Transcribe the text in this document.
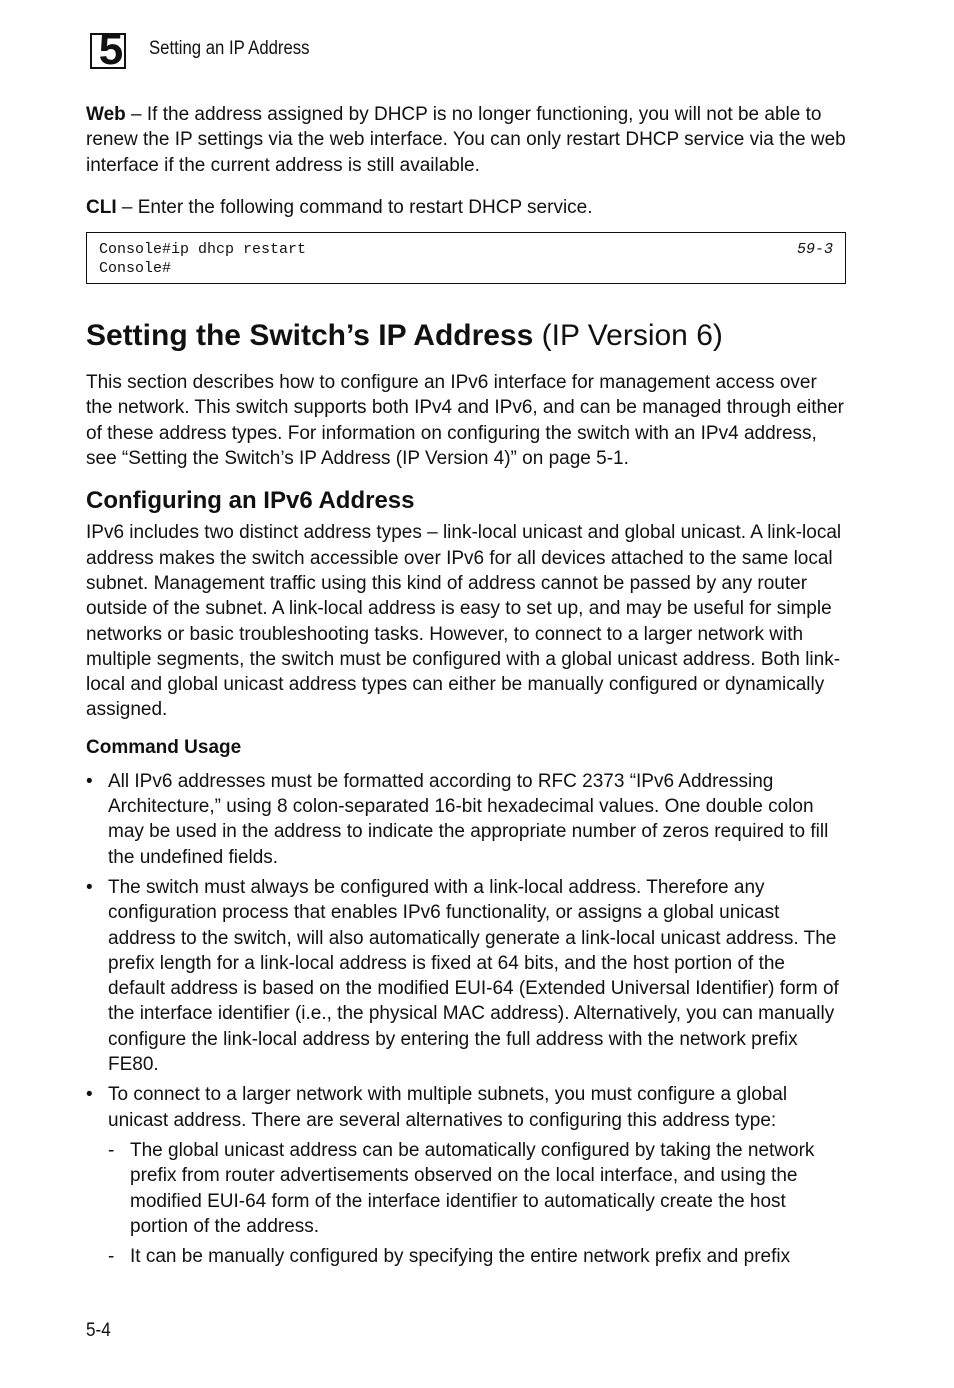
5	Setting an IP Address

Web – If the address assigned by DHCP is no longer functioning, you will not be able to renew the IP settings via the web interface. You can only restart DHCP service via the web interface if the current address is still available.

CLI – Enter the following command to restart DHCP service.

Console#ip dhcp restart	59-3
Console#
Setting the Switch’s IP Address (IP Version 6)

This section describes how to configure an IPv6 interface for management access over the network. This switch supports both IPv4 and IPv6, and can be managed through either of these address types. For information on configuring the switch with an IPv4 address, see “Setting the Switch’s IP Address (IP Version 4)” on page 5-1.

Configuring an IPv6 Address

IPv6 includes two distinct address types – link-local unicast and global unicast. A link-local address makes the switch accessible over IPv6 for all devices attached to the same local subnet. Management traffic using this kind of address cannot be passed by any router outside of the subnet. A link-local address is easy to set up, and may be useful for simple networks or basic troubleshooting tasks. However, to connect to a larger network with multiple segments, the switch must be configured with a global unicast address. Both link-local and global unicast address types can either be manually configured or dynamically assigned.

Command Usage
• All IPv6 addresses must be formatted according to RFC 2373 “IPv6 Addressing Architecture,” using 8 colon-separated 16-bit hexadecimal values. One double colon may be used in the address to indicate the appropriate number of zeros required to fill the undefined fields.
• The switch must always be configured with a link-local address. Therefore any configuration process that enables IPv6 functionality, or assigns a global unicast address to the switch, will also automatically generate a link-local unicast address. The prefix length for a link-local address is fixed at 64 bits, and the host portion of the default address is based on the modified EUI-64 (Extended Universal Identifier) form of the interface identifier (i.e., the physical MAC address). Alternatively, you can manually configure the link-local address by entering the full address with the network prefix FE80.
• To connect to a larger network with multiple subnets, you must configure a global unicast address. There are several alternatives to configuring this address type:
- The global unicast address can be automatically configured by taking the network prefix from router advertisements observed on the local interface, and using the modified EUI-64 form of the interface identifier to automatically create the host portion of the address.
- It can be manually configured by specifying the entire network prefix and prefix
5-4
